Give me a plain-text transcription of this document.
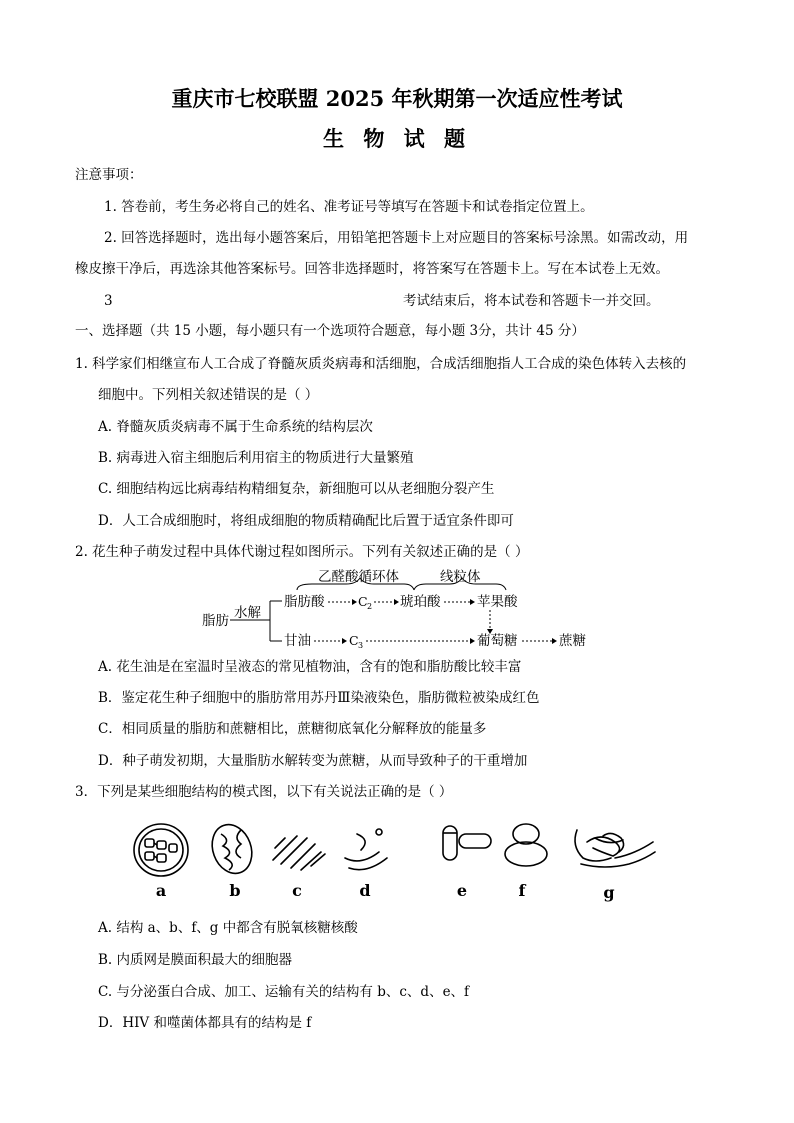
重庆市七校联盟 2025 年秋期第一次适应性考试
生 物 试 题
注意事项：
1. 答卷前，考生务必将自己的姓名、准考证号等填写在答题卡和试卷指定位置上。
2. 回答选择题时，选出每小题答案后，用铅笔把答题卡上对应题目的答案标号涂黑。如需改动，用
橡皮擦干净后，再选涂其他答案标号。回答非选择题时，将答案写在答题卡上。写在本试卷上无效。
3	考试结束后，将本试卷和答题卡一并交回。
一、选择题（共 15 小题，每小题只有一个选项符合题意，每小题 3分，共计 45 分）
1. 科学家们相继宣布人工合成了脊髓灰质炎病毒和活细胞，合成活细胞指人工合成的染色体转入去核的
细胞中。下列相关叙述错误的是（ ）
A. 脊髓灰质炎病毒不属于生命系统的结构层次
B. 病毒进入宿主细胞后利用宿主的物质进行大量繁殖
C. 细胞结构远比病毒结构精细复杂，新细胞可以从老细胞分裂产生
D．人工合成细胞时，将组成细胞的物质精确配比后置于适宜条件即可
2. 花生种子萌发过程中具体代谢过程如图所示。下列有关叙述正确的是（ ）
乙醛酸循环体	线粒体
脂肪 水解
脂肪酸	C 2 琥珀酸	苹果酸
甘油	C 3	葡萄糖	蔗糖
A. 花生油是在室温时呈液态的常见植物油，含有的饱和脂肪酸比较丰富
B．鉴定花生种子细胞中的脂肪常用苏丹Ⅲ染液染色，脂肪微粒被染成红色
C．相同质量的脂肪和蔗糖相比，蔗糖彻底氧化分解释放的能量多
D．种子萌发初期，大量脂肪水解转变为蔗糖，从而导致种子的干重增加
3．下列是某些细胞结构的模式图，以下有关说法正确的是（ ）
a	b	c	d	e	f	g
A. 结构 a、b、f、g 中都含有脱氧核糖核酸
B. 内质网是膜面积最大的细胞器
C. 与分泌蛋白合成、加工、运输有关的结构有 b、c、d、e、f
D．HIV 和噬菌体都具有的结构是 f
